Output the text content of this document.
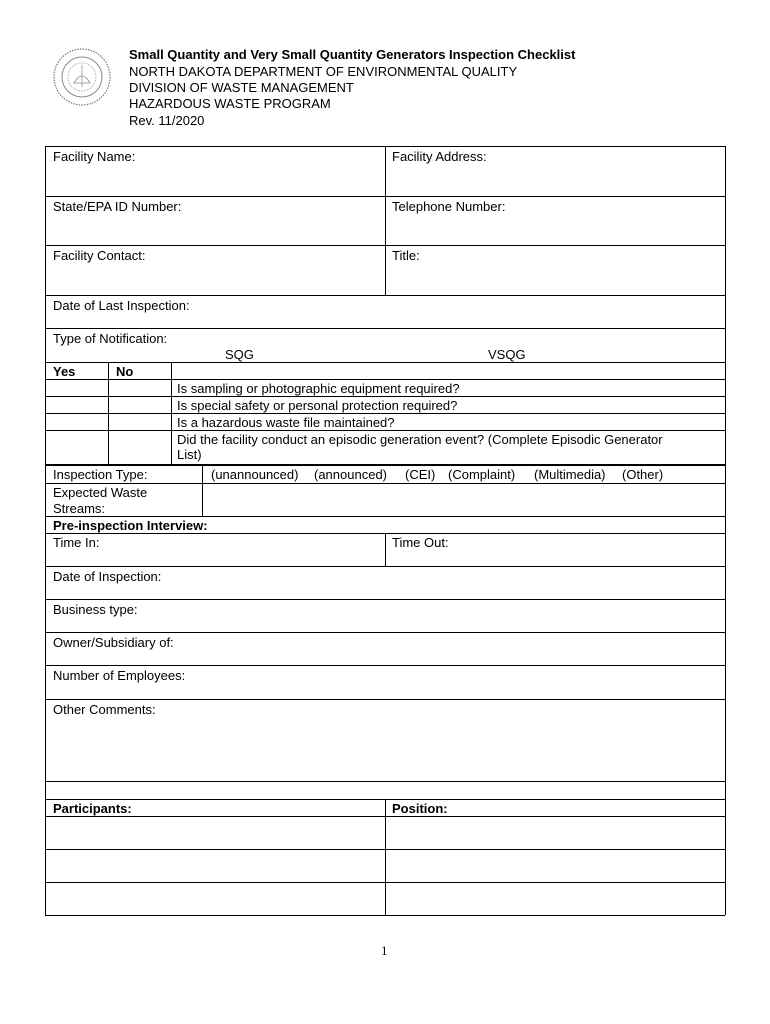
Small Quantity and Very Small Quantity Generators Inspection Checklist
NORTH DAKOTA DEPARTMENT OF ENVIRONMENTAL QUALITY
DIVISION OF WASTE MANAGEMENT
HAZARDOUS WASTE PROGRAM
Rev. 11/2020
Facility Name:	Facility Address:
State/EPA ID Number:	Telephone Number:
Facility Contact:	Title:
Date of Last Inspection:
Type of Notification:
SQG	VSQG
Yes	No
Is sampling or photographic equipment required?
Is special safety or personal protection required?
Is a hazardous waste file maintained?
Did the facility conduct an episodic generation event? (Complete Episodic Generator
List)
Inspection Type:	(unannounced) (announced) (CEI) (Complaint) (Multimedia) (Other)
Expected Waste
Streams:
Pre-inspection Interview:
Time In:	Time Out:
Date of Inspection:
Business type:
Owner/Subsidiary of:
Number of Employees:
Other Comments:
Participants:	Position:
1
